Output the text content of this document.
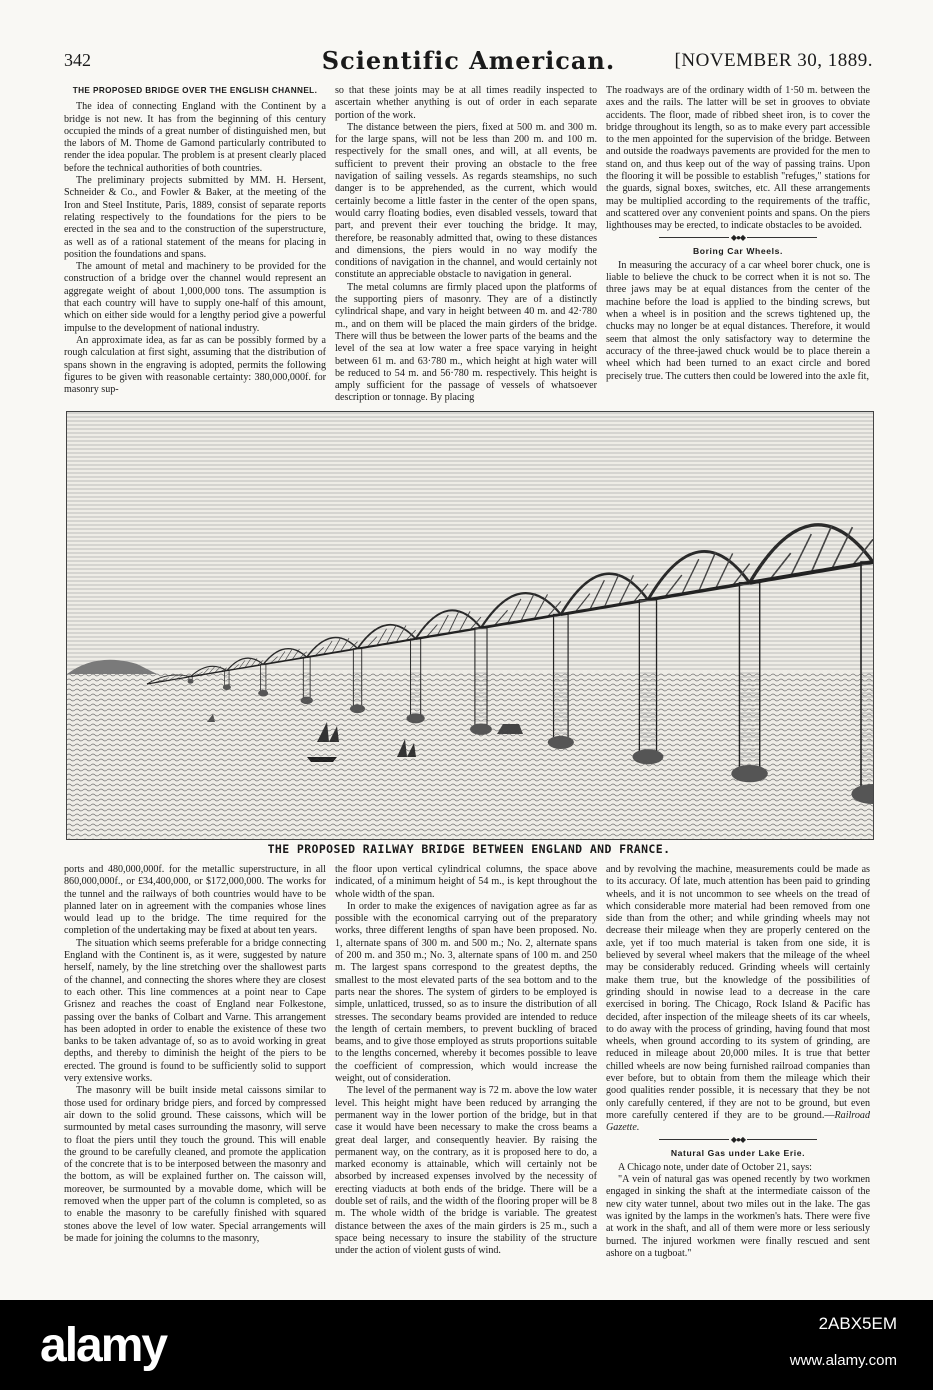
342	Scientific American.	[NOVEMBER 30, 1889.
THE PROPOSED BRIDGE OVER THE ENGLISH CHANNEL.

The idea of connecting England with the Continent by a bridge is not new. It has from the beginning of this century occupied the minds of a great number of distinguished men, but the labors of M. Thome de Gamond particularly contributed to render the idea popular. The problem is at present clearly placed before the technical authorities of both countries.

The preliminary projects submitted by MM. H. Hersent, Schneider & Co., and Fowler & Baker, at the meeting of the Iron and Steel Institute, Paris, 1889, consist of separate reports relating respectively to the foundations for the piers to be erected in the sea and to the construction of the superstructure, as well as of a rational statement of the means for placing in position the foundations and spans.

The amount of metal and machinery to be provided for the construction of a bridge over the channel would represent an aggregate weight of about 1,000,000 tons. The assumption is that each country will have to supply one-half of this amount, which on either side would for a lengthy period give a powerful impulse to the development of national industry.

An approximate idea, as far as can be possibly formed by a rough calculation at first sight, assuming that the distribution of spans shown in the engraving is adopted, permits the following figures to be given with reasonable certainty: 380,000,000f. for masonry sup-

so that these joints may be at all times readily inspected to ascertain whether anything is out of order in each separate portion of the work.

The distance between the piers, fixed at 500 m. and 300 m. for the large spans, will not be less than 200 m. and 100 m. respectively for the small ones, and will, at all events, be sufficient to prevent their proving an obstacle to the free navigation of sailing vessels. As regards steamships, no such danger is to be apprehended, as the current, which would certainly become a little faster in the center of the open spans, would carry floating bodies, even disabled vessels, toward that part, and prevent their ever touching the bridge. It may, therefore, be reasonably admitted that, owing to these distances and dimensions, the piers would in no way modify the conditions of navigation in the channel, and would certainly not constitute an appreciable obstacle to navigation in general.

The metal columns are firmly placed upon the platforms of the supporting piers of masonry. They are of a distinctly cylindrical shape, and vary in height between 40 m. and 42·780 m., and on them will be placed the main girders of the bridge. There will thus be between the lower parts of the beams and the level of the sea at low water a free space varying in height between 61 m. and 63·780 m., which height at high water will be reduced to 54 m. and 56·780 m. respectively. This height is amply sufficient for the passage of vessels of whatsoever description or tonnage. By placing

The roadways are of the ordinary width of 1·50 m. between the axes and the rails. The latter will be set in grooves to obviate accidents. The floor, made of ribbed sheet iron, is to cover the bridge throughout its length, so as to make every part accessible to the men appointed for the supervision of the bridge. Between and outside the roadways pavements are provided for the men to stand on, and thus keep out of the way of passing trains. Upon the flooring it will be possible to establish "refuges," stations for the guards, signal boxes, switches, etc. All these arrangements may be multiplied according to the requirements of the traffic, and scattered over any convenient points and spans. On the piers lighthouses may be erected, to indicate obstacles to be avoided.

◆●◆
Boring Car Wheels.

In measuring the accuracy of a car wheel borer chuck, one is liable to believe the chuck to be correct when it is not so. The three jaws may be at equal distances from the center of the machine before the load is applied to the binding screws, but when a wheel is in position and the screws tightened up, the chucks may no longer be at equal distances. Therefore, it would seem that almost the only satisfactory way to determine the accuracy of the three-jawed chuck would be to place therein a wheel which had been turned to an exact circle and bored precisely true. The cutters then could be lowered into the axle fit,

THE PROPOSED RAILWAY BRIDGE BETWEEN ENGLAND AND FRANCE.

ports and 480,000,000f. for the metallic superstructure, in all 860,000,000f., or £34,400,000, or $172,000,000. The works for the tunnel and the railways of both countries would have to be planned later on in agreement with the companies whose lines would lead up to the bridge. The time required for the completion of the undertaking may be fixed at about ten years.

The situation which seems preferable for a bridge connecting England with the Continent is, as it were, suggested by nature herself, namely, by the line stretching over the shallowest parts of the channel, and connecting the shores where they are closest to each other. This line commences at a point near to Cape Grisnez and reaches the coast of England near Folkestone, passing over the banks of Colbart and Varne. This arrangement has been adopted in order to enable the existence of these two banks to be taken advantage of, so as to avoid working in great depths, and thereby to diminish the height of the piers to be erected. The ground is found to be sufficiently solid to support very extensive works.

The masonry will be built inside metal caissons similar to those used for ordinary bridge piers, and forced by compressed air down to the solid ground. These caissons, which will be surmounted by metal cases surrounding the masonry, will serve to float the piers until they touch the ground. This will enable the ground to be carefully cleaned, and promote the application of the concrete that is to be interposed between the masonry and the bottom, as will be explained further on. The caisson will, moreover, be surmounted by a movable dome, which will be removed when the upper part of the column is completed, so as to enable the masonry to be carefully finished with squared stones above the level of low water. Special arrangements will be made for joining the columns to the masonry,

the floor upon vertical cylindrical columns, the space above indicated, of a minimum height of 54 m., is kept throughout the whole width of the span.

In order to make the exigences of navigation agree as far as possible with the economical carrying out of the preparatory works, three different lengths of span have been proposed. No. 1, alternate spans of 300 m. and 500 m.; No. 2, alternate spans of 200 m. and 350 m.; No. 3, alternate spans of 100 m. and 250 m. The largest spans correspond to the greatest depths, the smallest to the most elevated parts of the sea bottom and to the parts near the shores. The system of girders to be employed is simple, unlatticed, trussed, so as to insure the distribution of all stresses. The secondary beams provided are intended to reduce the length of certain members, to prevent buckling of braced beams, and to give those employed as struts proportions suitable to the lengths concerned, whereby it becomes possible to leave the coefficient of compression, which would increase the weight, out of consideration.

The level of the permanent way is 72 m. above the low water level. This height might have been reduced by arranging the permanent way in the lower portion of the bridge, but in that case it would have been necessary to make the cross beams a great deal larger, and consequently heavier. By raising the permanent way, on the contrary, as it is proposed here to do, a marked economy is attainable, which will certainly not be absorbed by increased expenses involved by the necessity of erecting viaducts at both ends of the bridge. There will be a double set of rails, and the width of the flooring proper will be 8 m. The whole width of the bridge is variable. The greatest distance between the axes of the main girders is 25 m., such a space being necessary to insure the stability of the structure under the action of violent gusts of wind.

and by revolving the machine, measurements could be made as to its accuracy. Of late, much attention has been paid to grinding wheels, and it is not uncommon to see wheels on the tread of which considerable more material had been removed from one side than from the other; and while grinding wheels may not decrease their mileage when they are properly centered on the axle, yet if too much material is taken from one side, it is believed by several wheel makers that the mileage of the wheel may be considerably reduced. Grinding wheels will certainly make them true, but the knowledge of the possibilities of grinding should in nowise lead to a decrease in the care exercised in boring. The Chicago, Rock Island & Pacific has decided, after inspection of the mileage sheets of its car wheels, to do away with the process of grinding, having found that most wheels, when ground according to its system of grinding, are reduced in mileage about 20,000 miles. It is true that better chilled wheels are now being furnished railroad companies than ever before, but to obtain from them the mileage which their good qualities render possible, it is necessary that they be not only carefully centered, if they are not to be ground, but even more carefully centered if they are to be ground.—Railroad Gazette.

◆●◆
Natural Gas under Lake Erie.

A Chicago note, under date of October 21, says:

"A vein of natural gas was opened recently by two workmen engaged in sinking the shaft at the intermediate caisson of the new city water tunnel, about two miles out in the lake. The gas was ignited by the lamps in the workmen's hats. There were five at work in the shaft, and all of them were more or less seriously burned. The injured workmen were finally rescued and sent ashore on a tugboat."

alamy	2ABX5EM
www.alamy.com
